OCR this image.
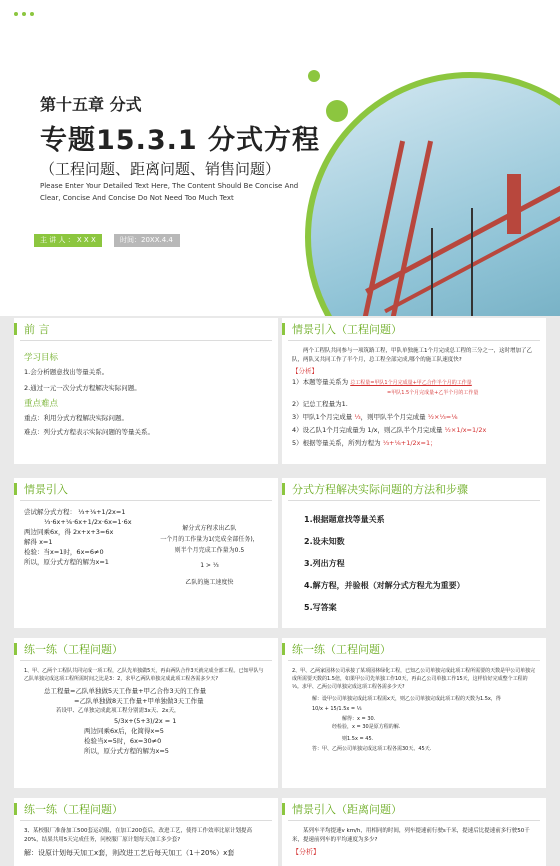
第十五章 分式
专题15.3.1 分式方程
（工程问题、距离问题、销售问题）
Please Enter Your Detailed Text Here, The Content Should Be Concise And Clear, Concise And Concise Do Not Need Too Much Text
主 讲 人 ： X X X	时间：20XX.4.4
前 言
学习目标
1.会分析题意找出等量关系。
2.通过一元一次分式方程解决实际问题。
重点难点
重点：利用分式方程解决实际问题。
难点：列分式方程表示实际问题的等量关系。
情景引入（工程问题）
两个工程队共同参与一项筑路工程，甲队单独施工1个月完成总工程的三分之一，这时增加了乙队，两队又共同工作了半个月，总工程全部完成,哪个的施工队速度快?
【分析】
1）本题等量关系为 总工程量=甲队1个月完成量+甲乙合作半个月的工作量
=甲队1.5个月完成量+乙半个月的工作量
2）记总工程量为1.
3）甲队1个月完成量 ⅓，则甲队半个月完成量 ½×⅓=⅙
4）设乙队1个月完成量为 1/x，则乙队半个月完成量 ½×1/x=1/2x
5）根据等量关系，所列方程为 ⅓+⅙+1/2x=1；
情景引入
尝试解分式方程： ⅓+⅙+1/2x=1
⅓·6x+⅙·6x+1/2x·6x=1·6x
两边同乘6x，得 2x+x+3=6x
解得 x=1
检验：当x=1时，6x=6≠0
所以，原分式方程的解为x=1
解分式方程求出乙队
一个月的工作量为1(完成全部任务)，
则半个月完成工作量为0.5
1 > ⅓
乙队的施工速度快
分式方程解决实际问题的方法和步骤

1.根据题意找等量关系

2.设未知数

3.列出方程

4.解方程，并验根（对解分式方程尤为重要）

5.写答案

练一练（工程问题）
1、甲、乙两个工程队共同完成一项工程，乙队先单独做5天，再由两队合作3天就完成全部工程。已知甲队与乙队单独完成这项工程所需时间之比是3：2，求甲乙两队单独完成此项工程各需多少天?
总工程量=乙队单独做5天工作量+甲乙合作3天的工作量
=乙队单独做8天工作量+甲单独做3天工作量
若设甲、乙单独完成此项工程分别需3x天、2x天，
5/3x+(5+3)/2x = 1
两边同乘6x后，化简得x=5
检验当x=5时，6x=30≠0
所以，原分式方程的解为x=5
练一练（工程问题）
2、甲、乙两家园林公司承接了某项园林绿化工程，已知乙公司单独完成此项工程所需要的天数是甲公司单独完成所需要天数的1.5倍，如果甲公司先单独工作10天，再由乙公司单独工作15天，这样恰好完成整个工程的⅓。求甲、乙两公司单独完成这项工程各需多少天?
解：设甲公司单独完成此项工程需x天，则乙公司单独完成此项工程的天数为1.5x，得
10/x + 15/1.5x = ⅓
解得：x = 30.
经检验，x = 30是原方程的解.
则1.5x = 45.
答：甲、乙两公司单独完成这项工程各需30天、45天.
练一练（工程问题）
3、某校服厂准备加工500套运动服，在加工200套后，改进工艺，使得工作效率比原计划提高20%，结果共用5天完成任务，问校服厂原计划每天加工多少套?
解：设原计划每天加工x套，则改进工艺后每天加工（1＋20%）x套
情景引入（距离问题）
某列车平均提速v km/h，用相同的时间，列车提速前行驶s千米，提速后比提速前多行驶50千米，提速前列车的平均速度为多少?
【分析】
